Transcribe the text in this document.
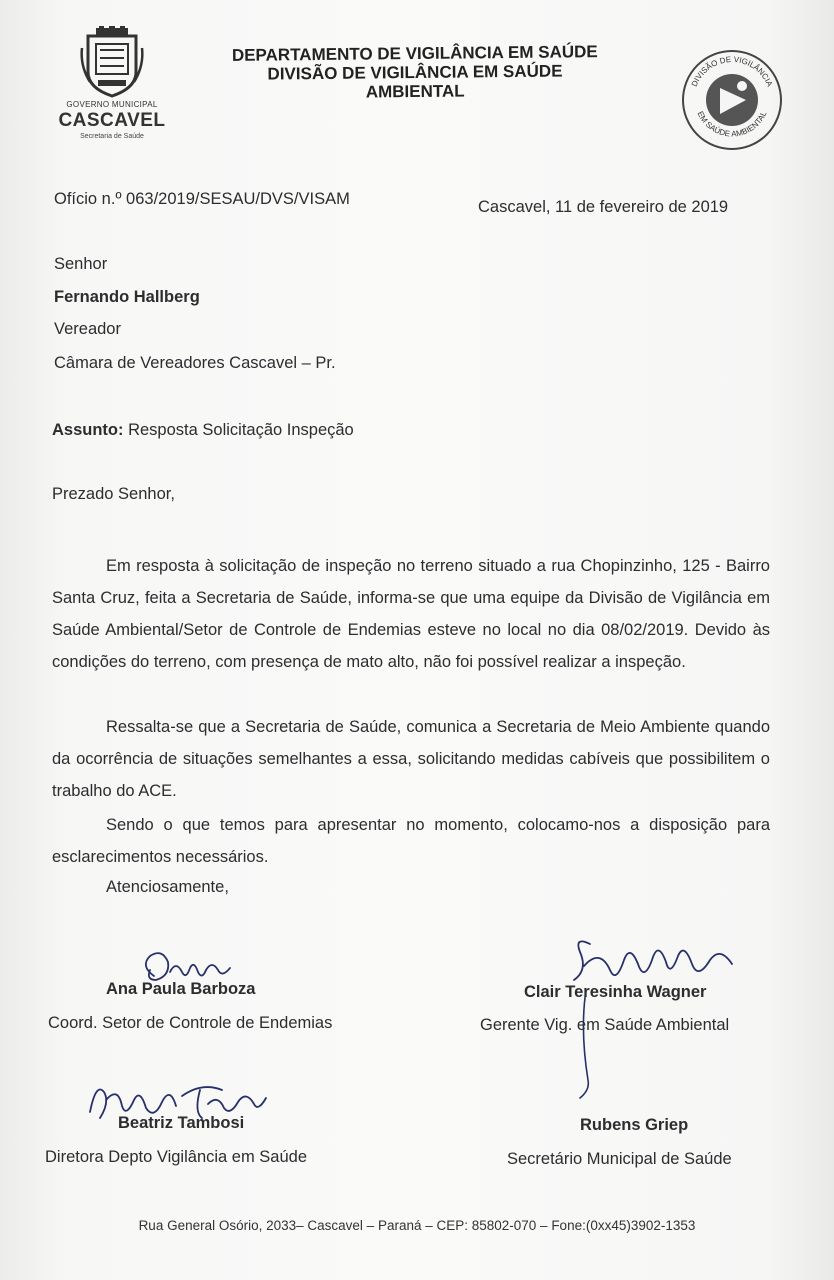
GOVERNO MUNICIPAL
CASCAVEL
Secretaria de Saúde
DEPARTAMENTO DE VIGILÂNCIA EM SAÚDE
DIVISÃO DE VIGILÂNCIA EM SAÚDE
AMBIENTAL	DIVISÃO DE VIGILÂNCIA
EM SAÚDE AMBIENTAL
Ofício n.º 063/2019/SESAU/DVS/VISAM	Cascavel, 11 de fevereiro de 2019
Senhor
Fernando Hallberg
Vereador
Câmara de Vereadores Cascavel – Pr.
Assunto: Resposta Solicitação Inspeção
Prezado Senhor,
Em resposta à solicitação de inspeção no terreno situado a rua Chopinzinho, 125 - Bairro Santa Cruz, feita a Secretaria de Saúde, informa-se que uma equipe da Divisão de Vigilância em Saúde Ambiental/Setor de Controle de Endemias esteve no local no dia 08/02/2019. Devido às condições do terreno, com presença de mato alto, não foi possível realizar a inspeção.
Ressalta-se que a Secretaria de Saúde, comunica a Secretaria de Meio Ambiente quando da ocorrência de situações semelhantes a essa, solicitando medidas cabíveis que possibilitem o trabalho do ACE.
Sendo o que temos para apresentar no momento, colocamo-nos a disposição para esclarecimentos necessários.
Atenciosamente,
Ana Paula Barboza
Coord. Setor de Controle de Endemias
Clair Teresinha Wagner
Gerente Vig. em Saúde Ambiental
Beatriz Tambosi
Diretora Depto Vigilância em Saúde
Rubens Griep
Secretário Municipal de Saúde
Rua General Osório, 2033– Cascavel – Paraná – CEP: 85802-070 – Fone:(0xx45)3902-1353
